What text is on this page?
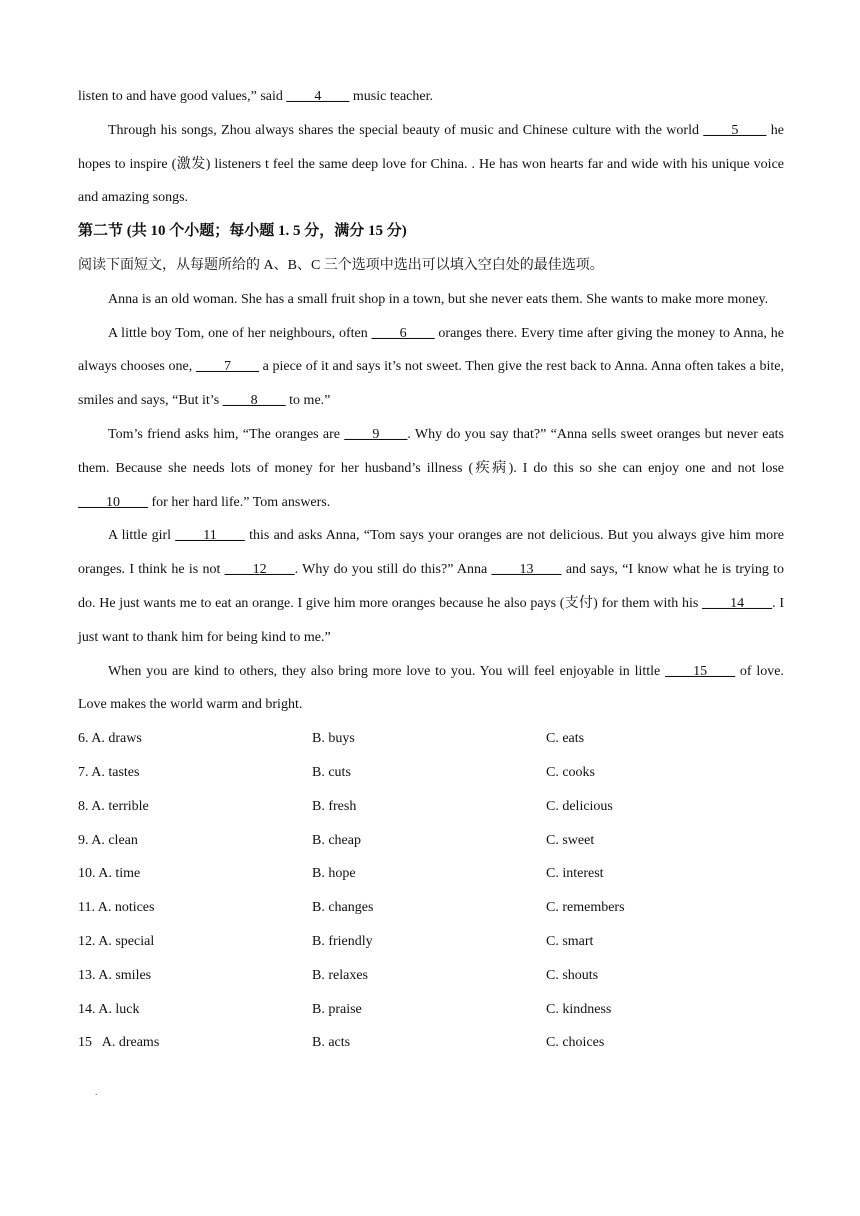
listen to and have good values,” said ____4____ music teacher.

Through his songs, Zhou always shares the special beauty of music and Chinese culture with the world ____5____ he hopes to inspire (激发) listeners t feel the same deep love for China. . He has won hearts far and wide with his unique voice and amazing songs.

第二节 (共 10 个小题；每小题 1. 5 分，满分 15 分)

阅读下面短文，从每题所给的 A、B、C 三个选项中选出可以填入空白处的最佳选项。

Anna is an old woman. She has a small fruit shop in a town, but she never eats them. She wants to make more money.

A little boy Tom, one of her neighbours, often ____6____ oranges there. Every time after giving the money to Anna, he always chooses one, ____7____ a piece of it and says it’s not sweet. Then give the rest back to Anna. Anna often takes a bite, smiles and says, “But it’s ____8____ to me.”

Tom’s friend asks him, “The oranges are ____9____. Why do you say that?” “Anna sells sweet oranges but never eats them. Because she needs lots of money for her husband’s illness (疾病). I do this so she can enjoy one and not lose ____10____ for her hard life.” Tom answers.

A little girl ____11____ this and asks Anna, “Tom says your oranges are not delicious. But you always give him more oranges. I think he is not ____12____. Why do you still do this?” Anna ____13____ and says, “I know what he is trying to do. He just wants me to eat an orange. I give him more oranges because he also pays (支付) for them with his ____14____. I just want to thank him for being kind to me.”

When you are kind to others, they also bring more love to you. You will feel enjoyable in little ____15____ of love. Love makes the world warm and bright.

6. A. draws	B. buys	C. eats
7. A. tastes	B. cuts	C. cooks
8. A. terrible	B. fresh	C. delicious
9. A. clean	B. cheap	C. sweet
10. A. time	B. hope	C. interest
11. A. notices	B. changes	C. remembers
12. A. special	B. friendly	C. smart
13. A. smiles	B. relaxes	C. shouts
14. A. luck	B. praise	C. kindness
15   A. dreams	B. acts	C. choices
.
